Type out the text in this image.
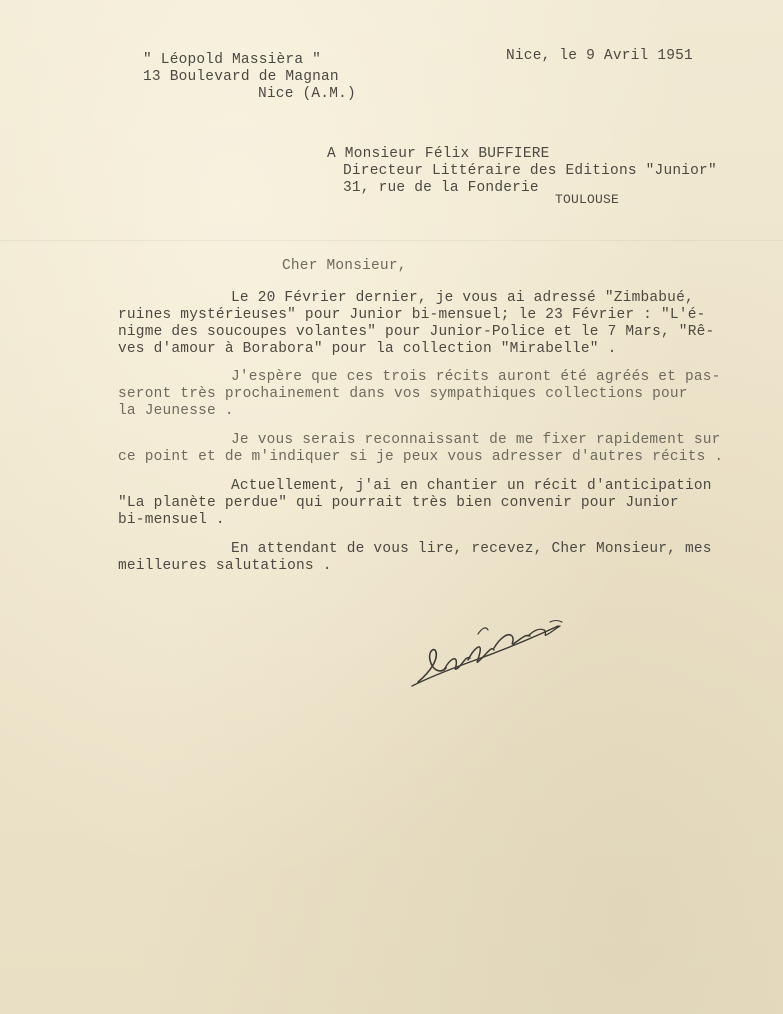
" Léopold Massièra "
13 Boulevard de Magnan
Nice (A.M.)
Nice, le 9 Avril 1951
A Monsieur Félix BUFFIERE
Directeur Littéraire des Editions "Junior"
31, rue de la Fonderie
TOULOUSE
Cher Monsieur,
Le 20 Février dernier, je vous ai adressé "Zimbabué,
ruines mystérieuses" pour Junior bi-mensuel; le 23 Février : "L'é-
nigme des soucoupes volantes" pour Junior-Police et le 7 Mars, "Rê-
ves d'amour à Borabora" pour la collection "Mirabelle" .
J'espère que ces trois récits auront été agréés et pas-
seront très prochainement dans vos sympathiques collections pour
la Jeunesse .
Je vous serais reconnaissant de me fixer rapidement sur
ce point et de m'indiquer si je peux vous adresser d'autres récits .
Actuellement, j'ai en chantier un récit d'anticipation
"La planète perdue" qui pourrait très bien convenir pour Junior
bi-mensuel .
En attendant de vous lire, recevez, Cher Monsieur, mes
meilleures salutations .
